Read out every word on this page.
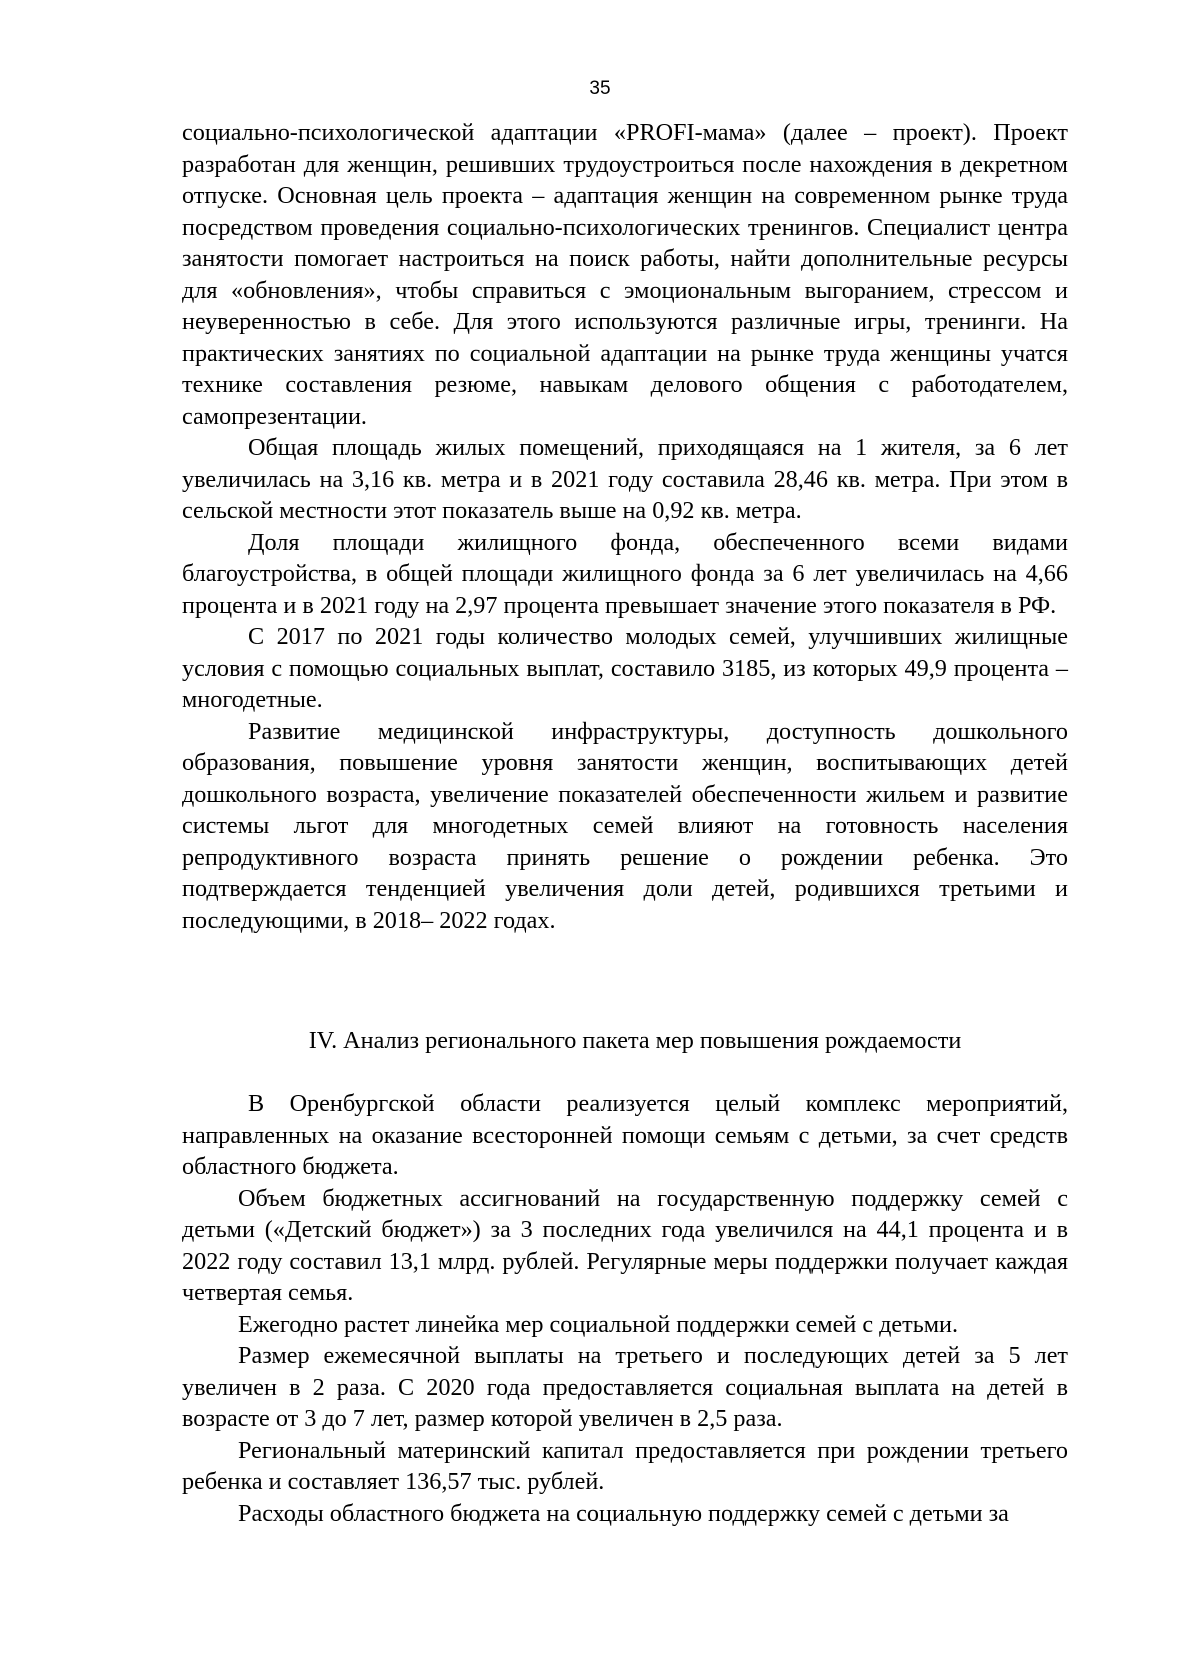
35

социально-психологической адаптации «PROFI-мама» (далее – проект). Проект разработан для женщин, решивших трудоустроиться после нахождения в декретном отпуске. Основная цель проекта – адаптация женщин на современном рынке труда посредством проведения социально-психологических тренингов. Специалист центра занятости помогает настроиться на поиск работы, найти дополнительные ресурсы для «обновления», чтобы справиться с эмоциональным выгоранием, стрессом и неуверенностью в себе. Для этого используются различные игры, тренинги. На практических занятиях по социальной адаптации на рынке труда женщины учатся технике составления резюме, навыкам делового общения с работодателем, самопрезентации.

Общая площадь жилых помещений, приходящаяся на 1 жителя, за 6 лет увеличилась на 3,16 кв. метра и в 2021 году составила 28,46 кв. метра. При этом в сельской местности этот показатель выше на 0,92 кв. метра.

Доля площади жилищного фонда, обеспеченного всеми видами благоустройства, в общей площади жилищного фонда за 6 лет увеличилась на 4,66 процента и в 2021 году на 2,97 процента превышает значение этого показателя в РФ.

С 2017 по 2021 годы количество молодых семей, улучшивших жилищные условия с помощью социальных выплат, составило 3185, из которых 49,9 процента – многодетные.

Развитие медицинской инфраструктуры, доступность дошкольного образования, повышение уровня занятости женщин, воспитывающих детей дошкольного возраста, увеличение показателей обеспеченности жильем и развитие системы льгот для многодетных семей влияют на готовность населения репродуктивного возраста принять решение о рождении ребенка. Это подтверждается тенденцией увеличения доли детей, родившихся третьими и последующими, в 2018– 2022 годах.

IV. Анализ регионального пакета мер повышения рождаемости

В Оренбургской области реализуется целый комплекс мероприятий, направленных на оказание всесторонней помощи семьям с детьми, за счет средств областного бюджета.

Объем бюджетных ассигнований на государственную поддержку семей с детьми («Детский бюджет») за 3 последних года увеличился на 44,1 процента и в 2022 году составил 13,1 млрд. рублей. Регулярные меры поддержки получает каждая четвертая семья.

Ежегодно растет линейка мер социальной поддержки семей с детьми.

Размер ежемесячной выплаты на третьего и последующих детей за 5 лет увеличен в 2 раза. С 2020 года предоставляется социальная выплата на детей в возрасте от 3 до 7 лет, размер которой увеличен в 2,5 раза.

Региональный материнский капитал предоставляется при рождении третьего ребенка и составляет 136,57 тыс. рублей.

Расходы областного бюджета на социальную поддержку семей с детьми за
